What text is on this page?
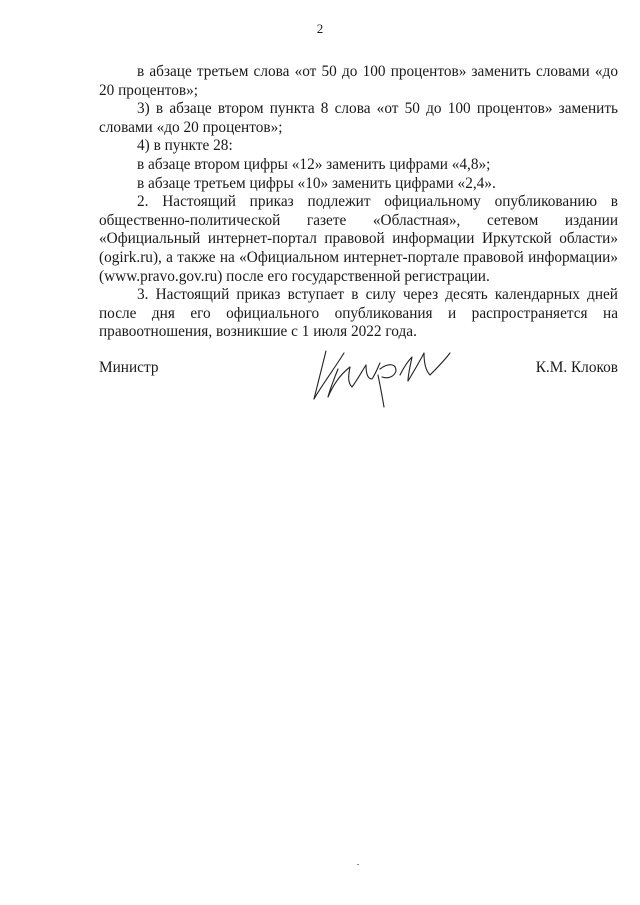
2

в абзаце третьем слова «от 50 до 100 процентов» заменить словами «до 20 процентов»;

3) в абзаце втором пункта 8 слова «от 50 до 100 процентов» заменить словами «до 20 процентов»;

4) в пункте 28:

в абзаце втором цифры «12» заменить цифрами «4,8»;

в абзаце третьем цифры «10» заменить цифрами «2,4».

2. Настоящий приказ подлежит официальному опубликованию в общественно-политической газете «Областная», сетевом издании «Официальный интернет-портал правовой информации Иркутской области» (ogirk.ru), а также на «Официальном интернет-портале правовой информации» (www.pravo.gov.ru) после его государственной регистрации.

3. Настоящий приказ вступает в силу через десять календарных дней после дня его официального опубликования и распространяется на правоотношения, возникшие с 1 июля 2022 года.

Министр	К.М. Клоков
